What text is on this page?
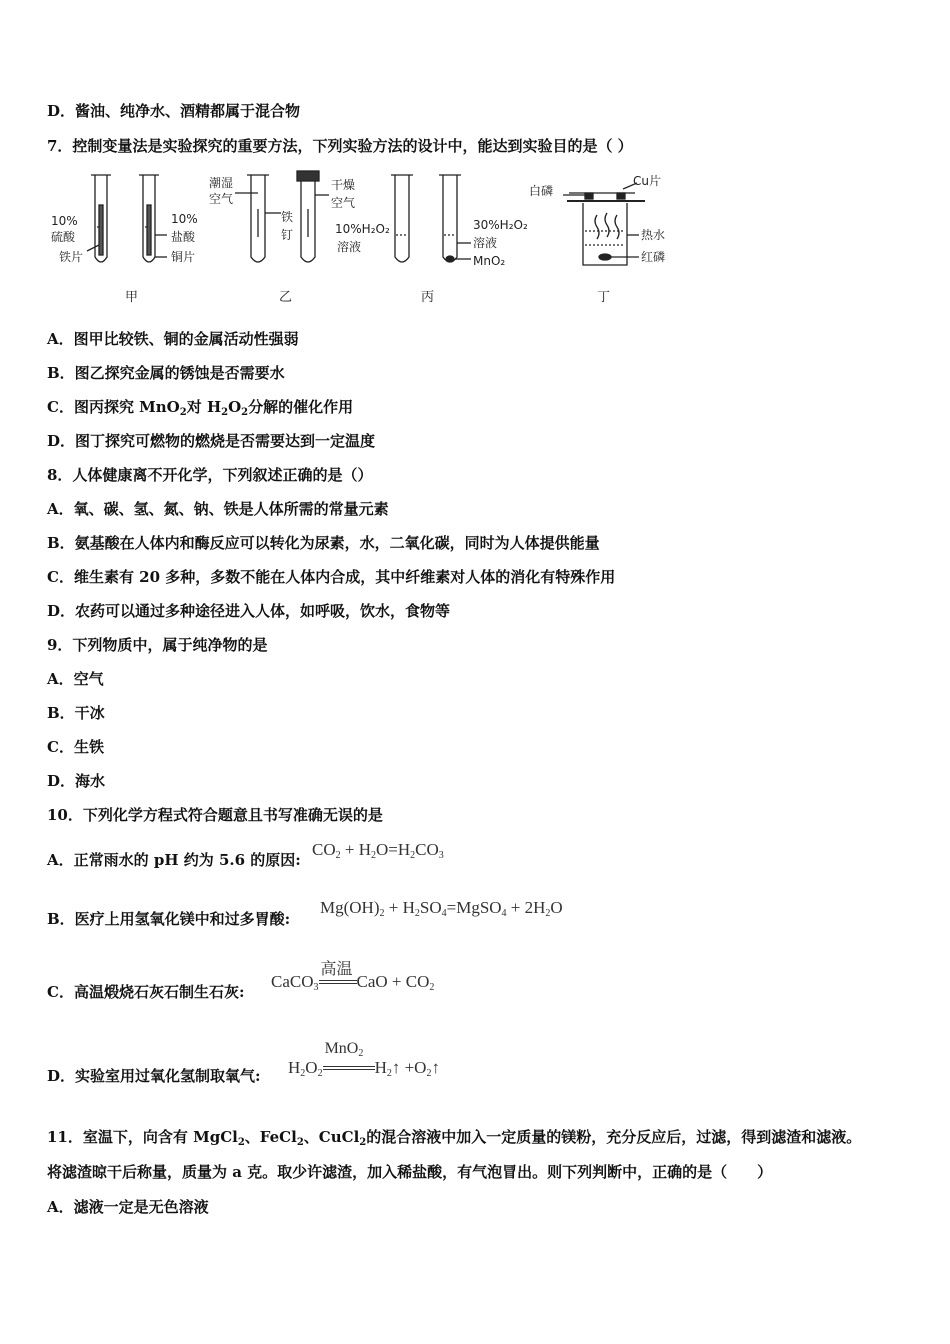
D．酱油、纯净水、酒精都属于混合物
7．控制变量法是实验探究的重要方法，下列实验方法的设计中，能达到实验目的是（ ）
10%
硫酸
铁片
10%
盐酸
铜片
甲
潮湿
空气
铁
钉
干燥
空气
乙
10%H₂O₂
溶液
30%H₂O₂
溶液
MnO₂
丙
白磷
Cu片
热水
红磷
丁
A．图甲比较铁、铜的金属活动性强弱
B．图乙探究金属的锈蚀是否需要水
C．图丙探究 MnO$_2$对 $H_2O_2$分解的催化作用
D．图丁探究可燃物的燃烧是否需要达到一定温度
8．人体健康离不开化学，下列叙述正确的是（）
A．氧、碳、氢、氮、钠、铁是人体所需的常量元素
B．氨基酸在人体内和酶反应可以转化为尿素，水，二氧化碳，同时为人体提供能量
C．维生素有 20 多种，多数不能在人体内合成，其中纤维素对人体的消化有特殊作用
D．农药可以通过多种途径进入人体，如呼吸，饮水，食物等
9．下列物质中，属于纯净物的是
A．空气
B．干冰
C．生铁
D．海水
10．下列化学方程式符合题意且书写准确无误的是
A．正常雨水的 pH 约为 5.6 的原因:
$CO_2 + H_2O=H_2CO_3$
B．医疗上用氢氧化镁中和过多胃酸:
$Mg(OH)_2$ + $H_2SO_4=MgSO_4 + 2H_2O$
C．高温煅烧石灰石制生石灰:
CaCO$_3$
高温
CaO + $CO_2$
D．实验室用过氧化氢制取氧气: $H_2O_2$
MnO$_2$
$H_2↑$ $+O_2↑$
11．室温下，向含有 MgCl$_2$、FeCl$_2$、CuCl$_2$的混合溶液中加入一定质量的镁粉，充分反应后，过滤，得到滤渣和滤液。
将滤渣晾干后称量，质量为 a 克。取少许滤渣，加入稀盐酸，有气泡冒出。则下列判断中，正确的是（　　）
A．滤液一定是无色溶液
